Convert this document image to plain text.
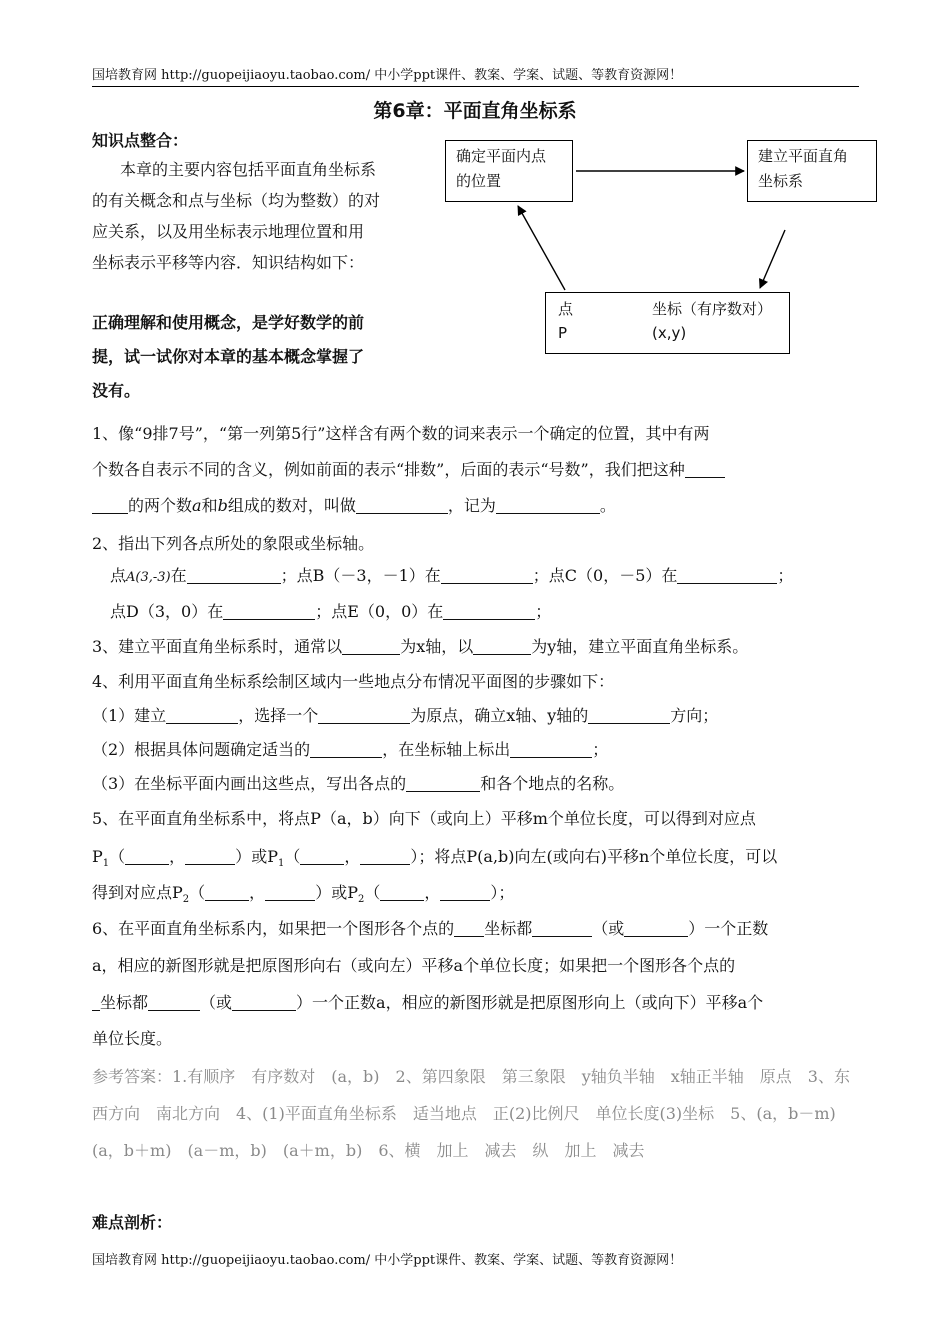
国培教育网 http://guopeijiaoyu.taobao.com/ 中小学ppt课件、教案、学案、试题、等教育资源网！
第6章：平面直角坐标系
知识点整合：
本章的主要内容包括平面直角坐标系
的有关概念和点与坐标（均为整数）的对
应关系，以及用坐标表示地理位置和用
坐标表示平移等内容．知识结构如下：
正确理解和使用概念，是学好数学的前
提，试一试你对本章的基本概念掌握了
没有。
确定平面内点
的位置
建立平面直角
坐标系
点
P
坐标（有序数对）
(x,y)
1、像“9排7号”，“第一列第5行”这样含有两个数的词来表示一个确定的位置，其中有两
个数各自表示不同的含义，例如前面的表示“排数”，后面的表示“号数”，我们把这种
的两个数a和b组成的数对，叫做	，记为	。
2、指出下列各点所处的象限或坐标轴。
点A(3,-3)在	；点B（－3，－1）在	；点C（0，－5）在	；
点D（3，0）在	；点E（0，0）在	；
3、建立平面直角坐标系时，通常以	为x轴，以	为y轴，建立平面直角坐标系。
4、利用平面直角坐标系绘制区域内一些地点分布情况平面图的步骤如下：
（1）建立	，选择一个	为原点，确立x轴、y轴的	方向；
（2）根据具体问题确定适当的	，在坐标轴上标出	；
（3）在坐标平面内画出这些点，写出各点的	和各个地点的名称。
5、在平面直角坐标系中，将点P（a，b）向下（或向上）平移m个单位长度，可以得到对应点
$P_1$（	，	）或$P_1$（	，	）；将点P(a,b)向左(或向右)平移n个单位长度，可以
得到对应点$P_2$（	，	）或$P_2$（	，	）；
6、在平面直角坐标系内，如果把一个图形各个点的 坐标都	（或	）一个正数
a，相应的新图形就是把原图形向右（或向左）平移a个单位长度；如果把一个图形各个点的
坐标都	（或	）一个正数a，相应的新图形就是把原图形向上（或向下）平移a个
单位长度。
参考答案：1.有顺序　有序数对　(a，b)　2、第四象限　第三象限　y轴负半轴　x轴正半轴　原点　3、东西方向　南北方向　4、(1)平面直角坐标系　适当地点　正(2)比例尺　单位长度(3)坐标　5、(a，b－m)　(a，b＋m)　(a－m，b)　(a＋m，b)　6、横　加上　减去　纵　加上　减去
难点剖析：
国培教育网 http://guopeijiaoyu.taobao.com/ 中小学ppt课件、教案、学案、试题、等教育资源网！
